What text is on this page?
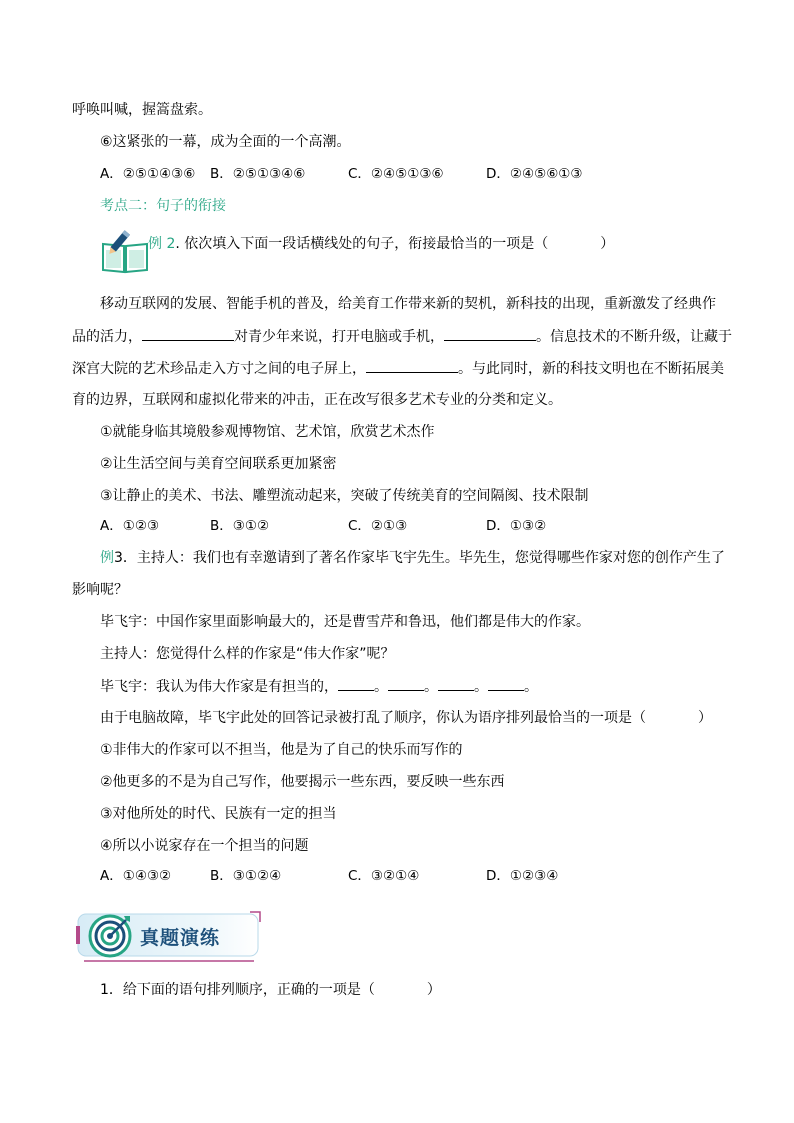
呼唤叫喊，握篙盘索。
⑥这紧张的一幕，成为全面的一个高潮。
A．②⑤①④③⑥ B．②⑤①③④⑥	C．②④⑤①③⑥	D．②④⑤⑥①③
考点二：句子的衔接
例 2. 依次填入下面一段话横线处的句子，衔接最恰当的一项是（	）
移动互联网的发展、智能手机的普及，给美育工作带来新的契机，新科技的出现，重新激发了经典作
品的活力，	对青少年来说，打开电脑或手机，	。信息技术的不断升级，让藏于
深宫大院的艺术珍品走入方寸之间的电子屏上，	。与此同时，新的科技文明也在不断拓展美
育的边界，互联网和虚拟化带来的冲击，正在改写很多艺术专业的分类和定义。
①就能身临其境般参观博物馆、艺术馆，欣赏艺术杰作
②让生活空间与美育空间联系更加紧密
③让静止的美术、书法、雕塑流动起来，突破了传统美育的空间隔阂、技术限制
A．①②③	B．③①②	C．②①③	D．①③②
例3．主持人：我们也有幸邀请到了著名作家毕飞宇先生。毕先生，您觉得哪些作家对您的创作产生了
影响呢？
毕飞宇：中国作家里面影响最大的，还是曹雪芹和鲁迅，他们都是伟大的作家。
主持人：您觉得什么样的作家是“伟大作家”呢？
毕飞宇：我认为伟大作家是有担当的，	。	。	。	。
由于电脑故障，毕飞宇此处的回答记录被打乱了顺序，你认为语序排列最恰当的一项是（	）
①非伟大的作家可以不担当，他是为了自己的快乐而写作的
②他更多的不是为自己写作，他要揭示一些东西，要反映一些东西
③对他所处的时代、民族有一定的担当
④所以小说家存在一个担当的问题
A．①④③②	B．③①②④	C．③②①④	D．①②③④
真题演练
1．给下面的语句排列顺序，正确的一项是（	）
